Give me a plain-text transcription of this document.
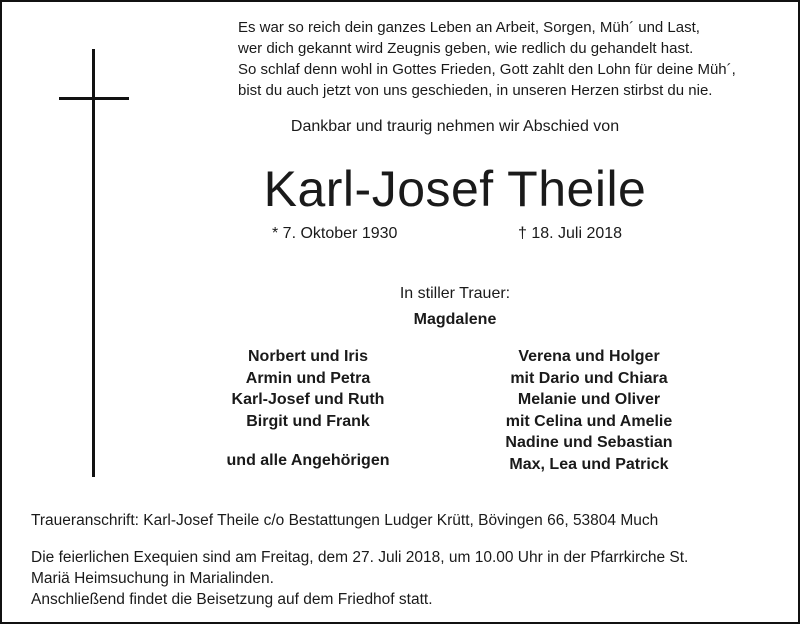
Es war so reich dein ganzes Leben an Arbeit, Sorgen, Müh´ und Last,
wer dich gekannt wird Zeugnis geben, wie redlich du gehandelt hast.
So schlaf denn wohl in Gottes Frieden, Gott zahlt den Lohn für deine Müh´,
bist du auch jetzt von uns geschieden, in unseren Herzen stirbst du nie.
Dankbar und traurig nehmen wir Abschied von
Karl-Josef Theile
* 7. Oktober 1930	† 18. Juli 2018
In stiller Trauer:
Magdalene
Norbert und Iris
Armin und Petra
Karl-Josef und Ruth
Birgit und Frank
Verena und Holger
mit Dario und Chiara
Melanie und Oliver
mit Celina und Amelie
Nadine und Sebastian
Max, Lea und Patrick
und alle Angehörigen
Traueranschrift: Karl-Josef Theile c/o Bestattungen Ludger Krütt, Bövingen 66, 53804 Much
Die feierlichen Exequien sind am Freitag, dem 27. Juli 2018, um 10.00 Uhr in der Pfarrkirche St.
Mariä Heimsuchung in Marialinden.
Anschließend findet die Beisetzung auf dem Friedhof statt.
